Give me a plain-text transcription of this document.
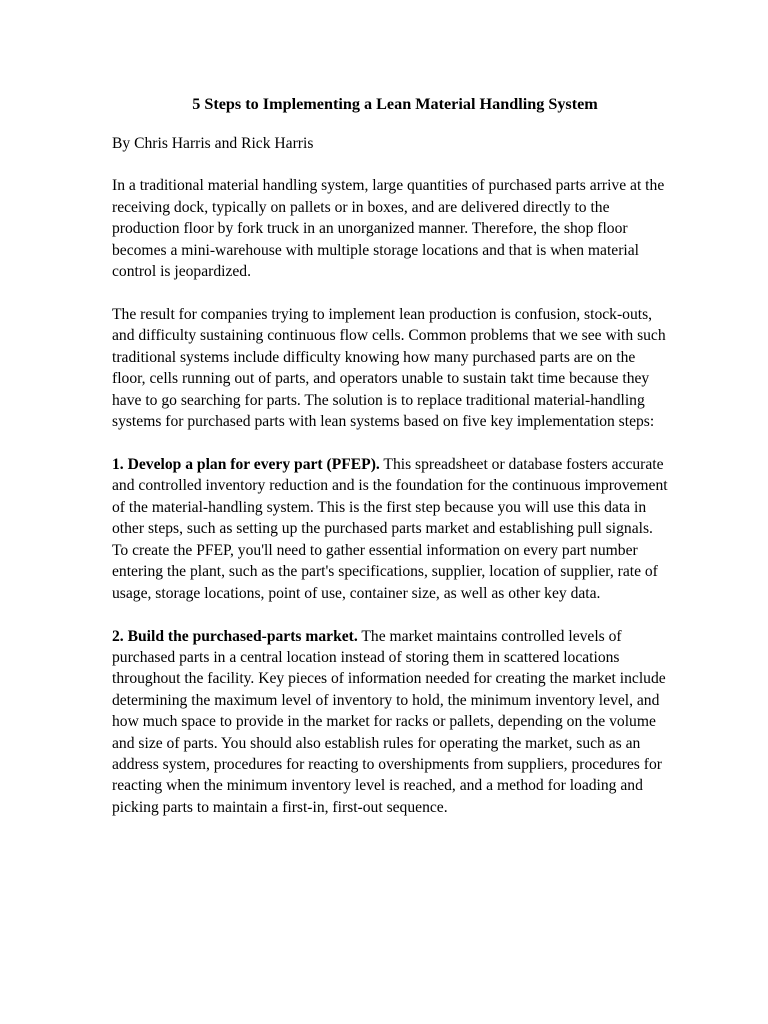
5 Steps to Implementing a Lean Material Handling System

By Chris Harris and Rick Harris

In a traditional material handling system, large quantities of purchased parts arrive at the receiving dock, typically on pallets or in boxes, and are delivered directly to the production floor by fork truck in an unorganized manner. Therefore, the shop floor becomes a mini-warehouse with multiple storage locations and that is when material control is jeopardized.

The result for companies trying to implement lean production is confusion, stock-outs, and difficulty sustaining continuous flow cells. Common problems that we see with such traditional systems include difficulty knowing how many purchased parts are on the floor, cells running out of parts, and operators unable to sustain takt time because they have to go searching for parts. The solution is to replace traditional material-handling systems for purchased parts with lean systems based on five key implementation steps:

1. Develop a plan for every part (PFEP). This spreadsheet or database fosters accurate and controlled inventory reduction and is the foundation for the continuous improvement of the material-handling system. This is the first step because you will use this data in other steps, such as setting up the purchased parts market and establishing pull signals. To create the PFEP, you'll need to gather essential information on every part number entering the plant, such as the part's specifications, supplier, location of supplier, rate of usage, storage locations, point of use, container size, as well as other key data.

2. Build the purchased-parts market. The market maintains controlled levels of purchased parts in a central location instead of storing them in scattered locations throughout the facility. Key pieces of information needed for creating the market include determining the maximum level of inventory to hold, the minimum inventory level, and how much space to provide in the market for racks or pallets, depending on the volume and size of parts. You should also establish rules for operating the market, such as an address system, procedures for reacting to overshipments from suppliers, procedures for reacting when the minimum inventory level is reached, and a method for loading and picking parts to maintain a first-in, first-out sequence.
